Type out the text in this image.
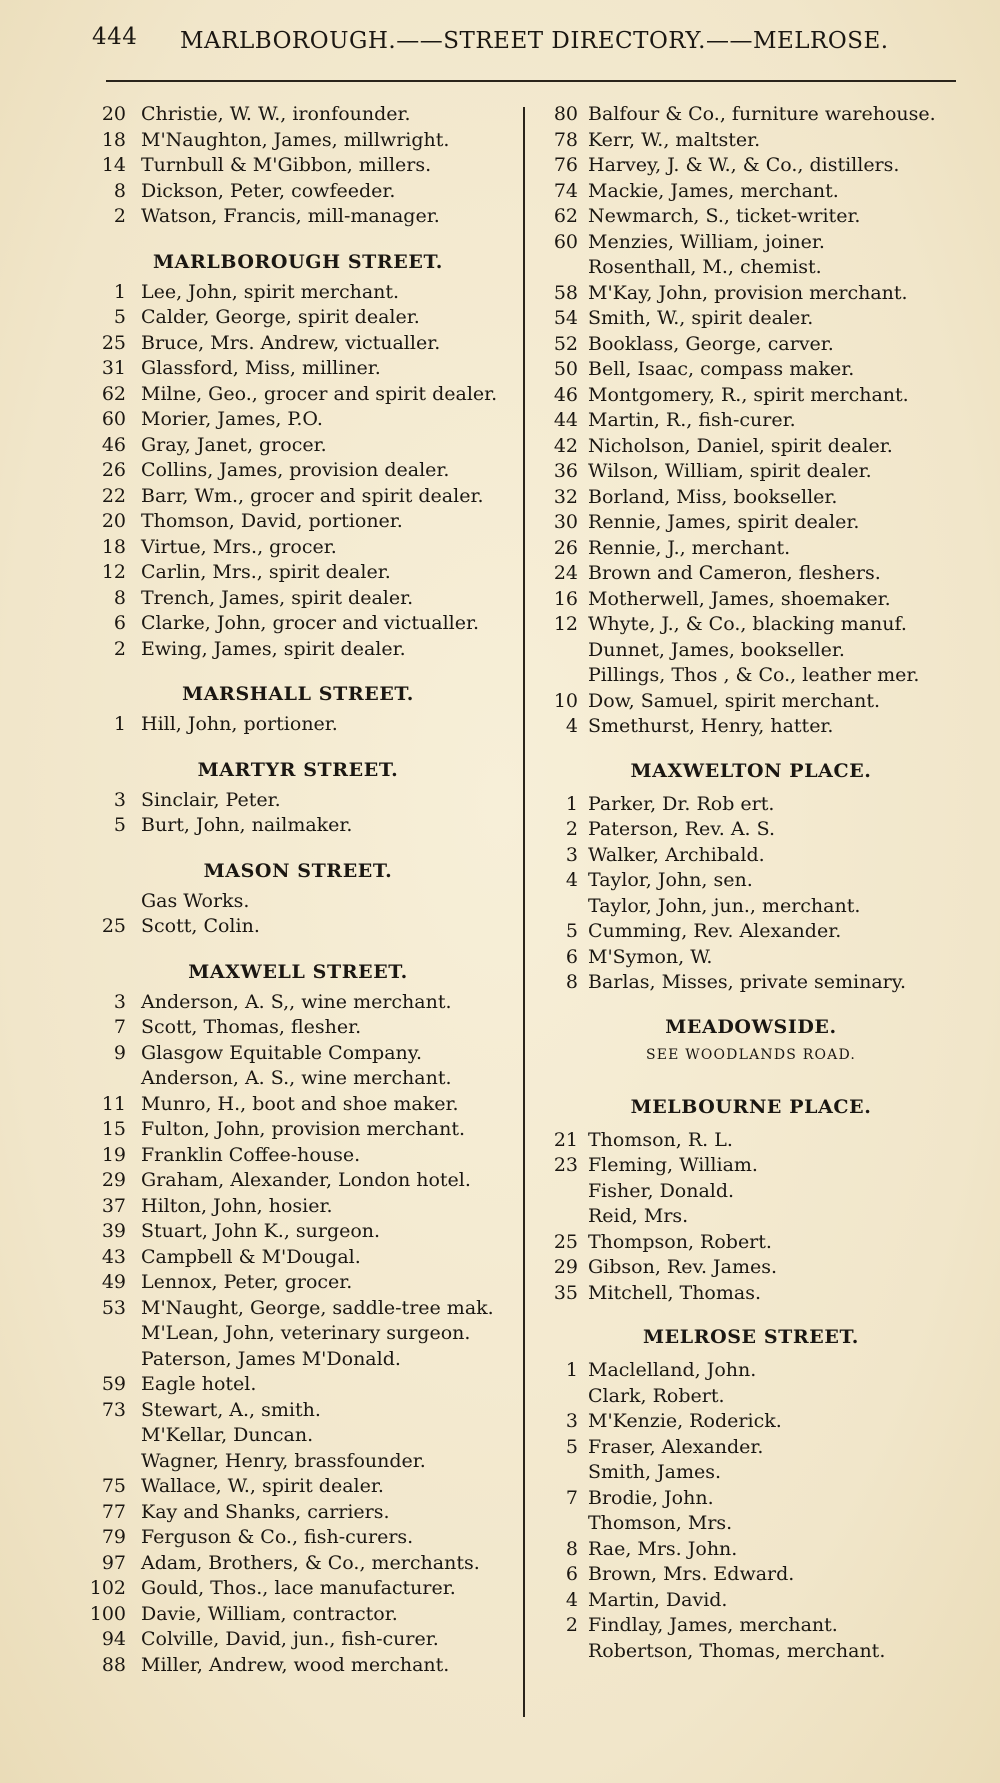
444 MARLBOROUGH.——STREET DIRECTORY.——MELROSE.
20 Christie, W. W., ironfounder.
18 M'Naughton, James, millwright.
14 Turnbull & M'Gibbon, millers.
8 Dickson, Peter, cowfeeder.
2 Watson, Francis, mill-manager.
MARLBOROUGH STREET.
1 Lee, John, spirit merchant.
5 Calder, George, spirit dealer.
25 Bruce, Mrs. Andrew, victualler.
31 Glassford, Miss, milliner.
62 Milne, Geo., grocer and spirit dealer.
60 Morier, James, P.O.
46 Gray, Janet, grocer.
26 Collins, James, provision dealer.
22 Barr, Wm., grocer and spirit dealer.
20 Thomson, David, portioner.
18 Virtue, Mrs., grocer.
12 Carlin, Mrs., spirit dealer.
8 Trench, James, spirit dealer.
6 Clarke, John, grocer and victualler.
2 Ewing, James, spirit dealer.
MARSHALL STREET.
1 Hill, John, portioner.
MARTYR STREET.
3 Sinclair, Peter.
5 Burt, John, nailmaker.
MASON STREET.
Gas Works.
25 Scott, Colin.
MAXWELL STREET.
3 Anderson, A. S,, wine merchant.
7 Scott, Thomas, flesher.
9 Glasgow Equitable Company.
Anderson, A. S., wine merchant.
11 Munro, H., boot and shoe maker.
15 Fulton, John, provision merchant.
19 Franklin Coffee-house.
29 Graham, Alexander, London hotel.
37 Hilton, John, hosier.
39 Stuart, John K., surgeon.
43 Campbell & M'Dougal.
49 Lennox, Peter, grocer.
53 M'Naught, George, saddle-tree mak.
M'Lean, John, veterinary surgeon.
Paterson, James M'Donald.
59 Eagle hotel.
73 Stewart, A., smith.
M'Kellar, Duncan.
Wagner, Henry, brassfounder.
75 Wallace, W., spirit dealer.
77 Kay and Shanks, carriers.
79 Ferguson & Co., fish-curers.
97 Adam, Brothers, & Co., merchants.
102 Gould, Thos., lace manufacturer.
100 Davie, William, contractor.
94 Colville, David, jun., fish-curer.
88 Miller, Andrew, wood merchant.
80 Balfour & Co., furniture warehouse.
78 Kerr, W., maltster.
76 Harvey, J. & W., & Co., distillers.
74 Mackie, James, merchant.
62 Newmarch, S., ticket-writer.
60 Menzies, William, joiner.
Rosenthall, M., chemist.
58 M'Kay, John, provision merchant.
54 Smith, W., spirit dealer.
52 Booklass, George, carver.
50 Bell, Isaac, compass maker.
46 Montgomery, R., spirit merchant.
44 Martin, R., fish-curer.
42 Nicholson, Daniel, spirit dealer.
36 Wilson, William, spirit dealer.
32 Borland, Miss, bookseller.
30 Rennie, James, spirit dealer.
26 Rennie, J., merchant.
24 Brown and Cameron, fleshers.
16 Motherwell, James, shoemaker.
12 Whyte, J., & Co., blacking manuf.
Dunnet, James, bookseller.
Pillings, Thos , & Co., leather mer.
10 Dow, Samuel, spirit merchant.
4 Smethurst, Henry, hatter.
MAXWELTON PLACE.
1 Parker, Dr. Rob ert.
2 Paterson, Rev. A. S.
3 Walker, Archibald.
4 Taylor, John, sen.
Taylor, John, jun., merchant.
5 Cumming, Rev. Alexander.
6 M'Symon, W.
8 Barlas, Misses, private seminary.
MEADOWSIDE.
SEE WOODLANDS ROAD.
MELBOURNE PLACE.
21 Thomson, R. L.
23 Fleming, William.
Fisher, Donald.
Reid, Mrs.
25 Thompson, Robert.
29 Gibson, Rev. James.
35 Mitchell, Thomas.
MELROSE STREET.
1 Maclelland, John.
Clark, Robert.
3 M'Kenzie, Roderick.
5 Fraser, Alexander.
Smith, James.
7 Brodie, John.
Thomson, Mrs.
8 Rae, Mrs. John.
6 Brown, Mrs. Edward.
4 Martin, David.
2 Findlay, James, merchant.
Robertson, Thomas, merchant.
